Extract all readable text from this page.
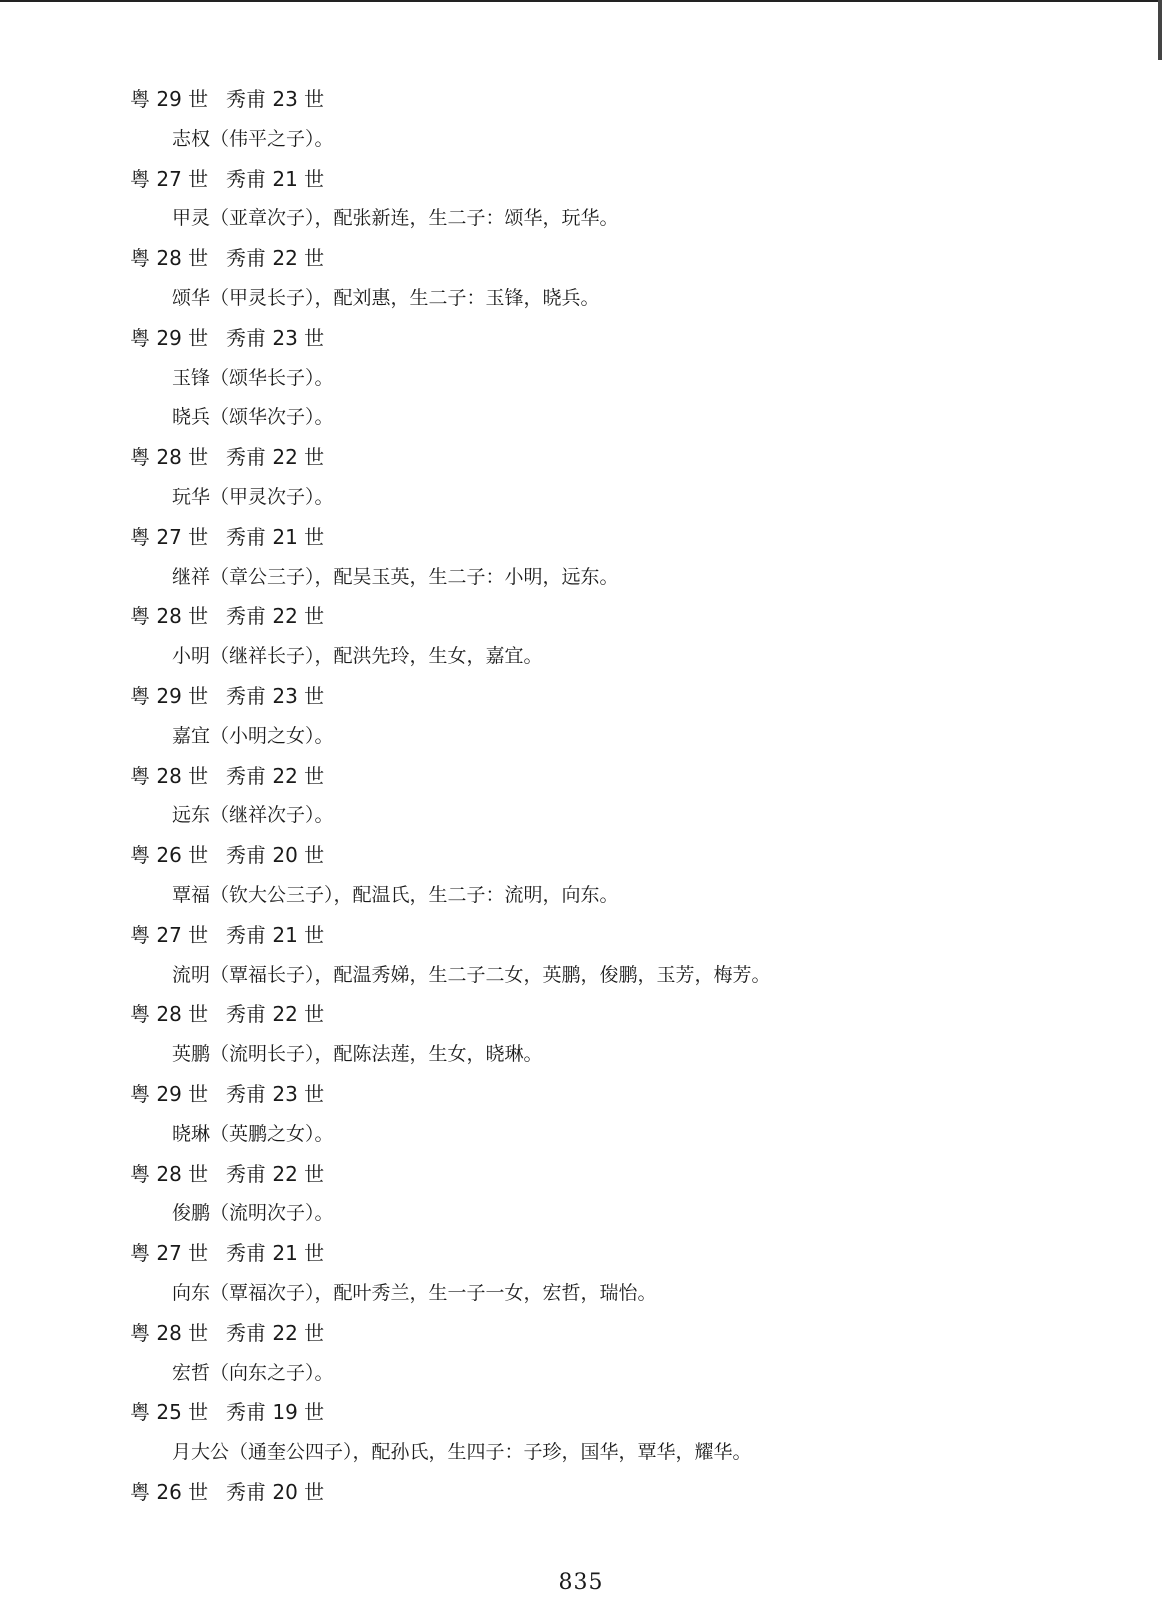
粤 29 世 秀甫 23 世
志权（伟平之子）。
粤 27 世 秀甫 21 世
甲灵（亚章次子），配张新连，生二子：颂华，玩华。
粤 28 世 秀甫 22 世
颂华（甲灵长子），配刘惠，生二子：玉锋，晓兵。
粤 29 世 秀甫 23 世
玉锋（颂华长子）。
晓兵（颂华次子）。
粤 28 世 秀甫 22 世
玩华（甲灵次子）。
粤 27 世 秀甫 21 世
继祥（章公三子），配吴玉英，生二子：小明，远东。
粤 28 世 秀甫 22 世
小明（继祥长子），配洪先玲，生女，嘉宜。
粤 29 世 秀甫 23 世
嘉宜（小明之女）。
粤 28 世 秀甫 22 世
远东（继祥次子）。
粤 26 世 秀甫 20 世
覃福（钦大公三子），配温氏，生二子：流明，向东。
粤 27 世 秀甫 21 世
流明（覃福长子），配温秀娣，生二子二女，英鹏，俊鹏，玉芳，梅芳。
粤 28 世 秀甫 22 世
英鹏（流明长子），配陈法莲，生女，晓琳。
粤 29 世 秀甫 23 世
晓琳（英鹏之女）。
粤 28 世 秀甫 22 世
俊鹏（流明次子）。
粤 27 世 秀甫 21 世
向东（覃福次子），配叶秀兰，生一子一女，宏哲，瑞怡。
粤 28 世 秀甫 22 世
宏哲（向东之子）。
粤 25 世 秀甫 19 世
月大公（通奎公四子），配孙氏，生四子：子珍，国华，覃华，耀华。
粤 26 世 秀甫 20 世
835
